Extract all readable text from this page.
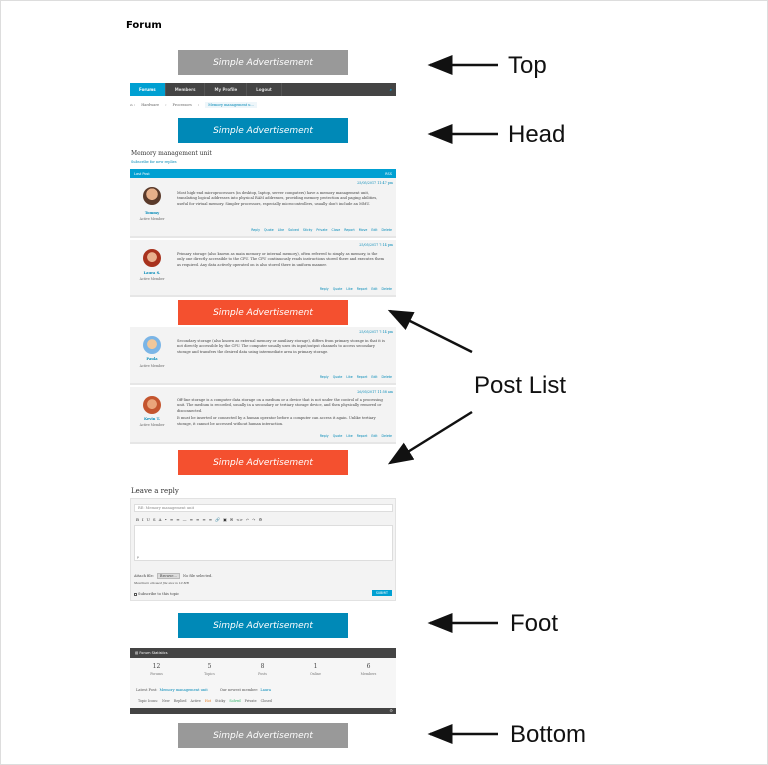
Forum
Simple Advertisement
Forums	Members	My Profile	Logout	⌕
⌂ › Hardware › Processors ›	Memory management u...
Simple Advertisement
Memory management unit
Subscribe for new replies
Last Post	RSS
25/05/2017 11:47 pm
Tommy
Active Member
Most high-end microprocessors (in desktop, laptop, server computers) have a memory management unit, translating logical addresses into physical RAM addresses, providing memory protection and paging abilities, useful for virtual memory. Simpler processors, especially microcontrollers, usually don't include an MMU.
Reply Quote Like Solved Sticky Private Close Report Move Edit Delete
25/05/2017 7:14 pm
Laura S.
Active Member
Primary storage (also known as main memory or internal memory), often referred to simply as memory, is the only one directly accessible to the CPU. The CPU continuously reads instructions stored there and executes them as required. Any data actively operated on is also stored there in uniform manner.
Reply Quote Like Report Edit Delete
Simple Advertisement
25/05/2017 7:14 pm
Paula
Active Member
Secondary storage (also known as external memory or auxiliary storage), differs from primary storage in that it is not directly accessible by the CPU. The computer usually uses its input/output channels to access secondary storage and transfers the desired data using intermediate area in primary storage.
Reply Quote Like Report Edit Delete
26/05/2017 11:58 am
Kevin T.
Active Member

Off-line storage is a computer data storage on a medium or a device that is not under the control of a processing unit. The medium is recorded, usually in a secondary or tertiary storage device, and then physically removed or disconnected.

It must be inserted or connected by a human operator before a computer can access it again. Unlike tertiary storage, it cannot be accessed without human interaction.

Reply Quote Like Report Edit Delete
Simple Advertisement
Leave a reply
RE: Memory management unit
B I U S A • ≡ ≡ — ≡ ≡ ≡ ≡ 🔗 ▣ ✉ <> ↶ ↷ ⚙
p
Attach file:	Browse...	No file selected.
Maximum allowed file size is 10 MB
Subscribe to this topic	SUBMIT
Simple Advertisement
▥ Forum Statistics
12
Forums
5
Topics
8
Posts
1
Online
6
Members
Latest Post: Memory management unit	Our newest member: Laura
Topic Icons: New Replied Active Hot Sticky Solved Private Closed
⚙
Simple Advertisement
Top
Head
Post List
Foot
Bottom
